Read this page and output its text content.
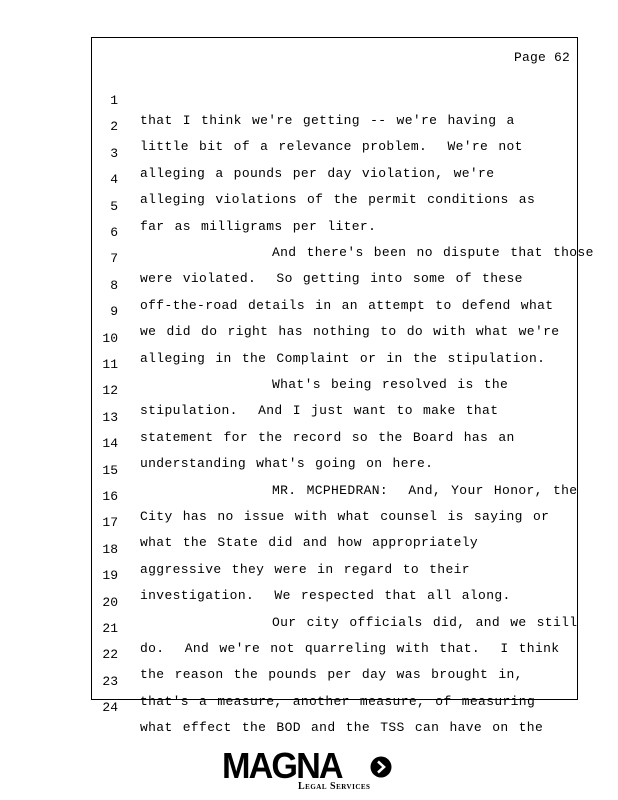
Page 62

1

that I think we're getting -- we're having a

2

little bit of a relevance problem.  We're not

3

alleging a pounds per day violation, we're

4

alleging violations of the permit conditions as

5

far as milligrams per liter.

6

And there's been no dispute that those

7

were violated.  So getting into some of these

8

off-the-road details in an attempt to defend what

9

we did do right has nothing to do with what we're

10

alleging in the Complaint or in the stipulation.

11

What's being resolved is the

12

stipulation.  And I just want to make that

13

statement for the record so the Board has an

14

understanding what's going on here.

15

MR. MCPHEDRAN:  And, Your Honor, the

16

City has no issue with what counsel is saying or

17

what the State did and how appropriately

18

aggressive they were in regard to their

19

investigation.  We respected that all along.

20

Our city officials did, and we still

21

do.  And we're not quarreling with that.  I think

22

the reason the pounds per day was brought in,

23

that's a measure, another measure, of measuring

24

what effect the BOD and the TSS can have on the

MAGNA
Legal Services
